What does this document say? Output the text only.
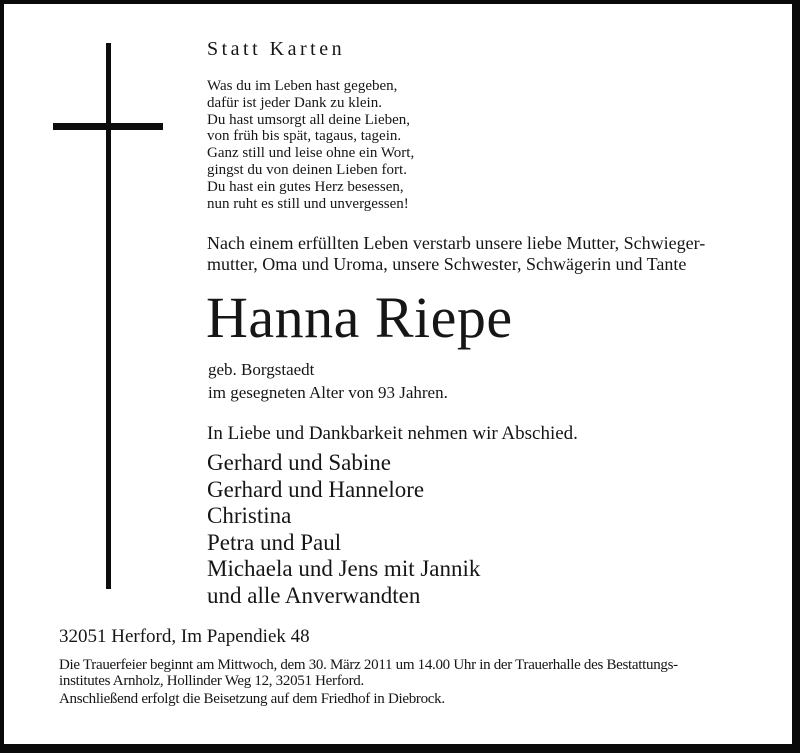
Statt Karten
Was du im Leben hast gegeben,
dafür ist jeder Dank zu klein.
Du hast umsorgt all deine Lieben,
von früh bis spät, tagaus, tagein.
Ganz still und leise ohne ein Wort,
gingst du von deinen Lieben fort.
Du hast ein gutes Herz besessen,
nun ruht es still und unvergessen!
Nach einem erfüllten Leben verstarb unsere liebe Mutter, Schwieger-
mutter, Oma und Uroma, unsere Schwester, Schwägerin und Tante
Hanna Riepe
geb. Borgstaedt
im gesegneten Alter von 93 Jahren.
In Liebe und Dankbarkeit nehmen wir Abschied.
Gerhard und Sabine
Gerhard und Hannelore
Christina
Petra und Paul
Michaela und Jens mit Jannik
und alle Anverwandten
32051 Herford, Im Papendiek 48
Die Trauerfeier beginnt am Mittwoch, dem 30. März 2011 um 14.00 Uhr in der Trauerhalle des Bestattungs-
institutes Arnholz, Hollinder Weg 12, 32051 Herford.
Anschließend erfolgt die Beisetzung auf dem Friedhof in Diebrock.
